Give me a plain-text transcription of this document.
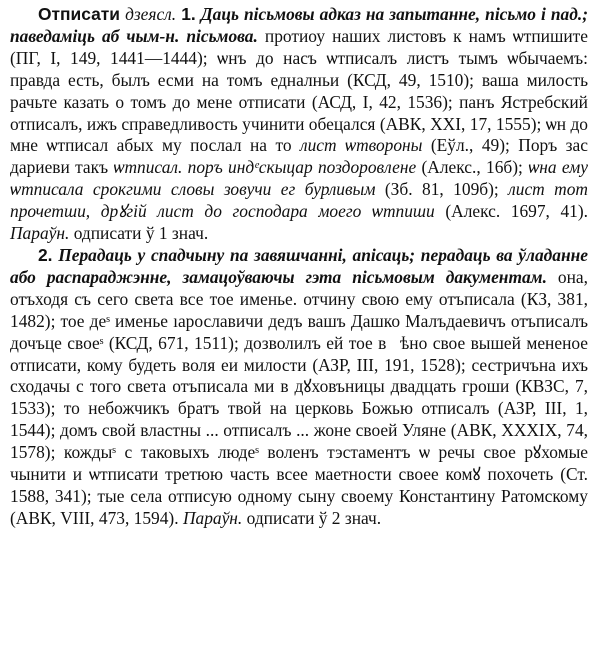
Отписати дзеясл. 1. Даць пісьмовы адказ на запытанне, пісьмо і пад.; паведаміць аб чым-н. пісьмова. протиоу наших листовъ к намъ ѡтпишите (ПГ, I, 149, 1441—1444); ѡнъ до насъ ѡтписалъ листъ тымъ ѡбычаемъ: правда есть, былъ есми на томъ едналньи (КСД, 49, 1510); ваша милость рачьте казать о томъ до мене отписати (АСД, I, 42, 1536); панъ Ястребский отписалъ, ижъ справедливость учинити обецался (АВК, XXI, 17, 1555); ѡн до мне ѡтписал абых му послал на то лист ѡтвороны (Еўл., 49); Поръ зас дариеви такъ ѡтписал. поръ индᵉскыцар поздоровлене (Алекс., 16б); ѡна ему ѡтписала срокгими словы зовучи ег бурливым (Зб. 81, 109б); лист тот прочетши, дрꙋгiй лист до господара моего ѡтпиши (Алекс. 1697, 41). Параўн. одписати ў 1 знач.

2. Перадаць у спадчыну па завяшчанні, апісаць; перадаць ва ўладанне або распараджэнне, замацоўваючы гэта пісьмовым дакументам. она, отъходя съ сего света все тое именье. отчину свою ему отъписала (КЗ, 381, 1482); тое деˢ именье ıарославичи дедъ вашъ Дашко Малъдаевичъ отъписалъ дочъце своеˢ (КСД, 671, 1511); дозволилъ ей тое в꙽ѣно свое вышей менeное отписати, кому будеть воля еи милости (АЗР, III, 191, 1528); сестричъна ихъ сходачы с того света отъписала ми в дꙋховъницы двадцать гроши (КВЗС, 7, 1533); то небожчикъ братъ твой на церковь Божью отписалъ (АЗР, III, 1, 1544); домъ свой властны ... отписалъ ... жоне своей Уляне (АВК, XXXIX, 74, 1578); кождыˢ с таковыхъ людеˢ воленъ тэстаментъ ѡ речы свое рꙋхомые чынити и ѡтписати третюю часть всее маетности своее комꙋ похочеть (Ст. 1588, 341); тые села отписую одному сыну своему Константину Ратомскому (АВК, VIII, 473, 1594). Параўн. одписати ў 2 знач.
